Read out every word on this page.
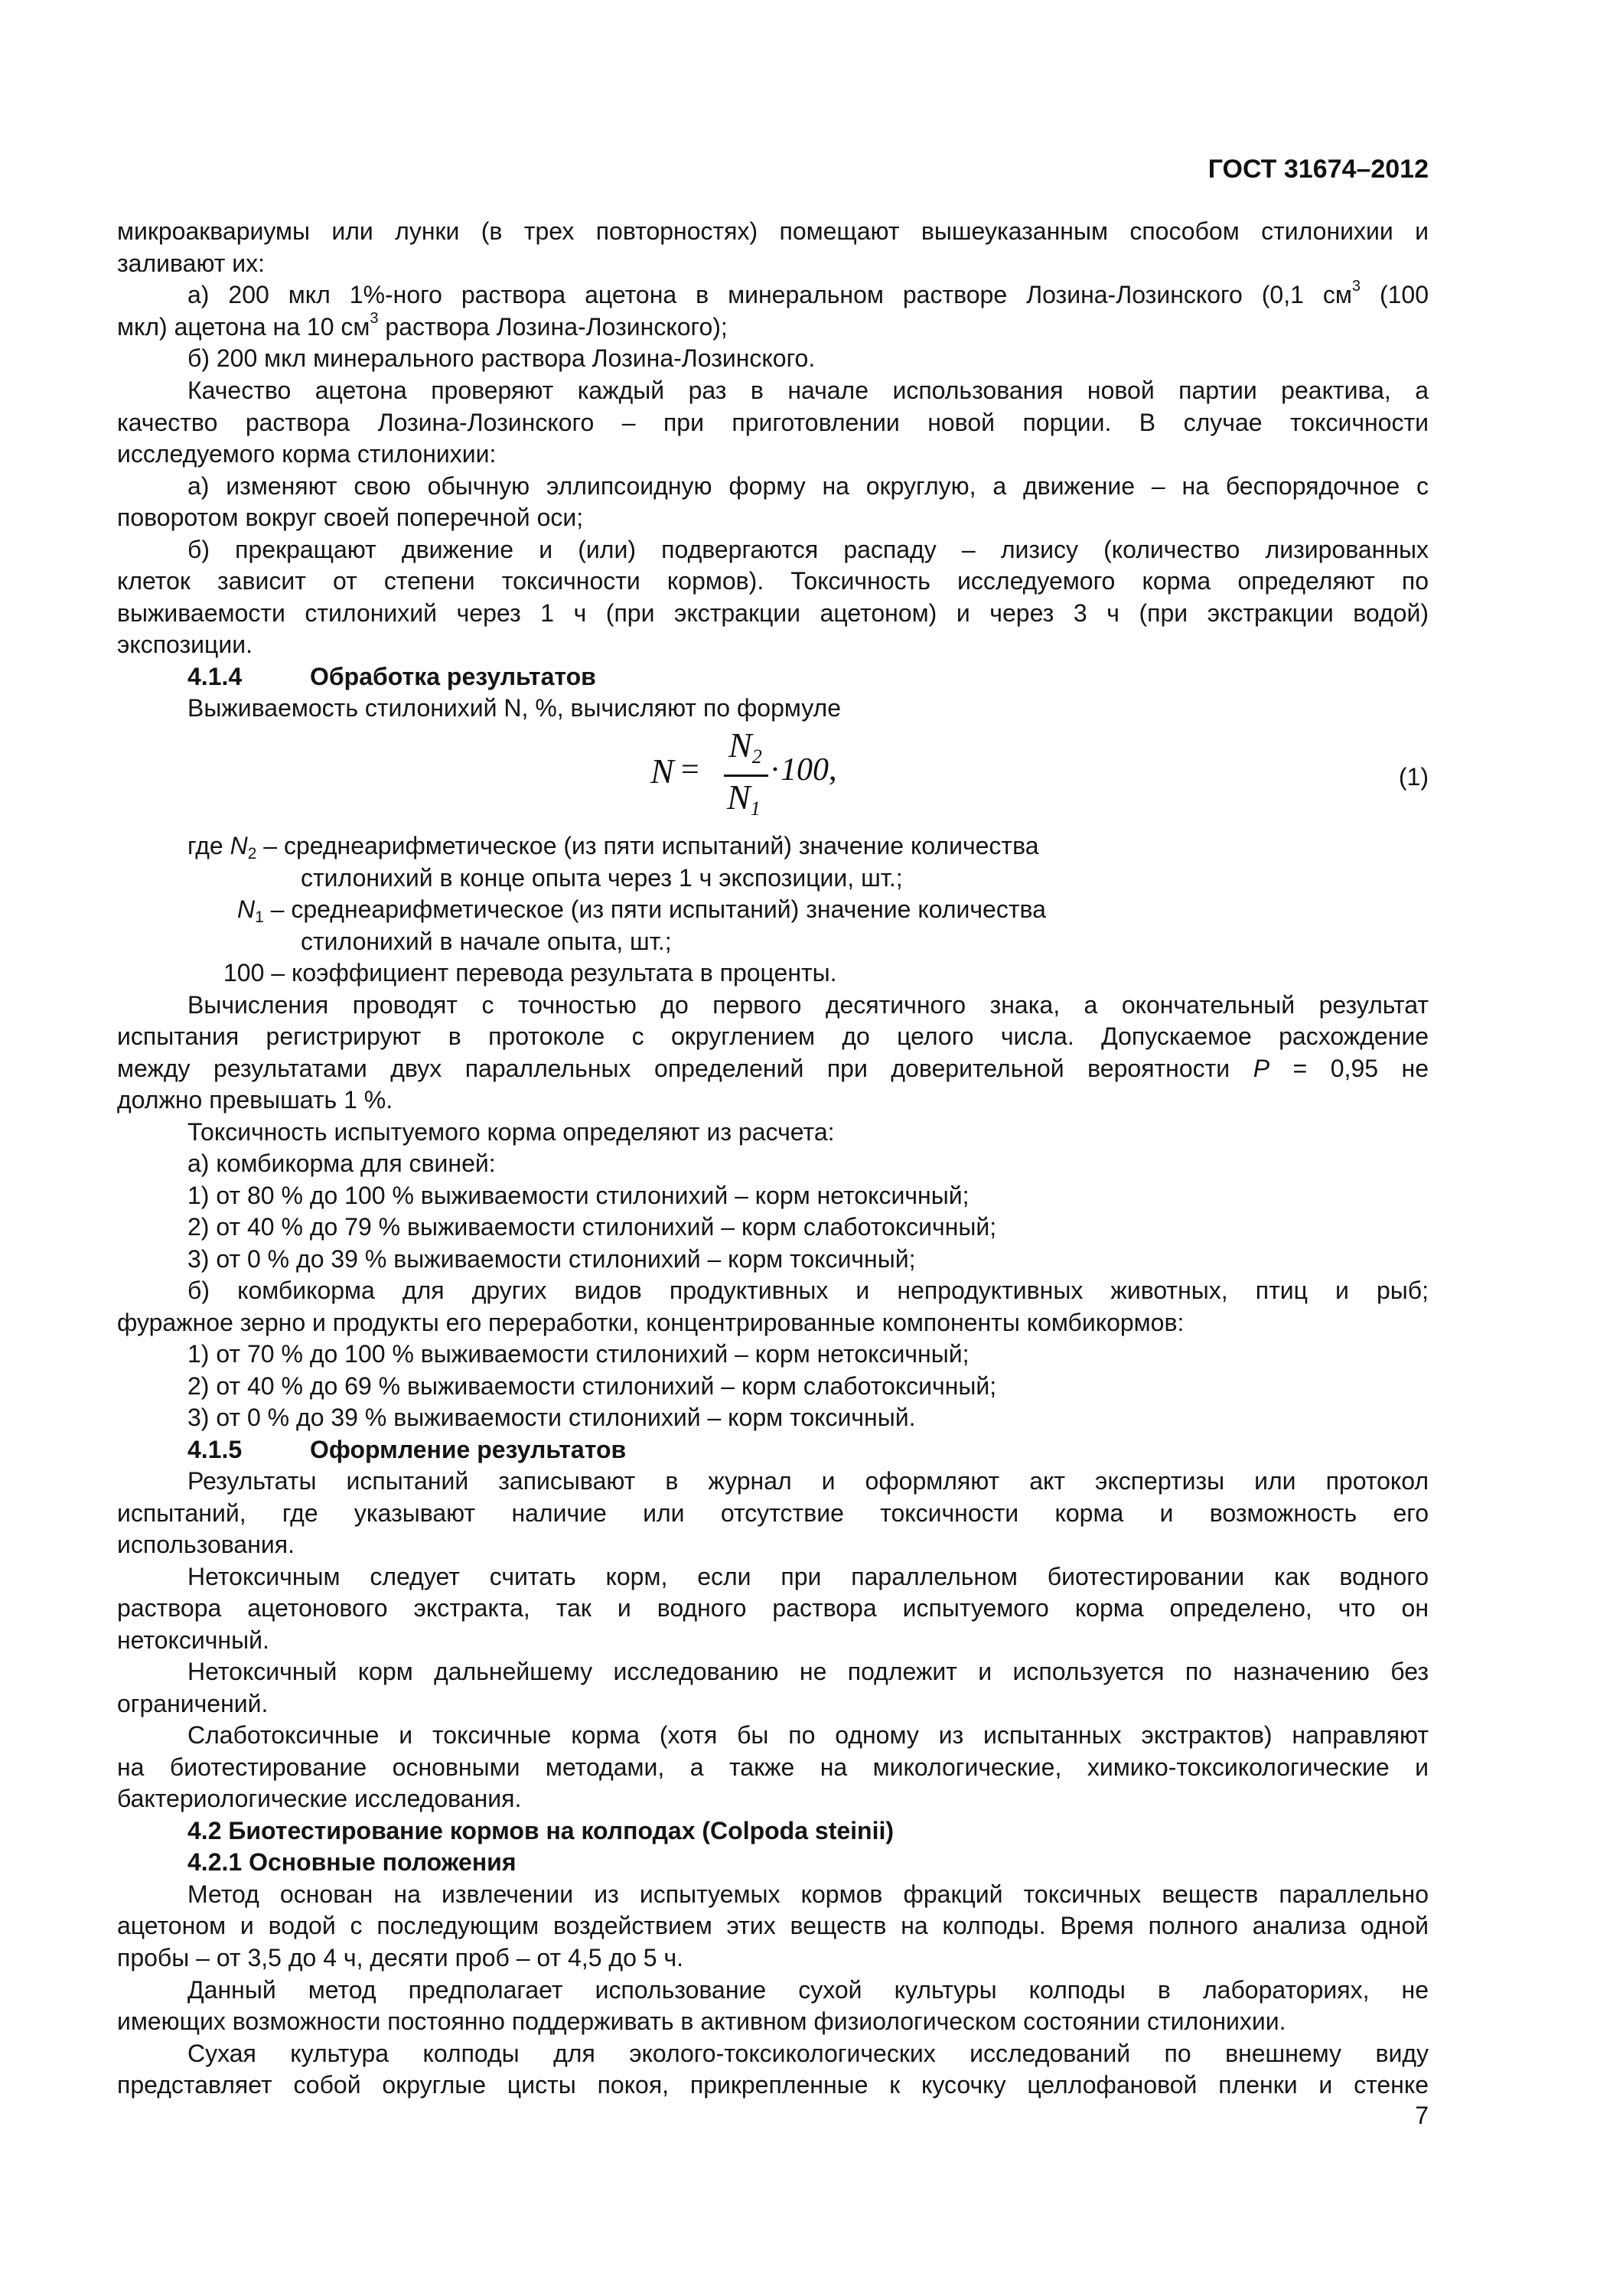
ГОСТ 31674–2012
микроаквариумы или лунки (в трех повторностях) помещают вышеуказанным способом стилонихии и
заливают их:
а) 200 мкл 1%-ного раствора ацетона в минеральном растворе Лозина-Лозинского (0,1 $см^3$ (100
мкл) ацетона на 10 $см^3$ раствора Лозина-Лозинского);
б) 200 мкл минерального раствора Лозина-Лозинского.
Качество ацетона проверяют каждый раз в начале использования новой партии реактива, а
качество раствора Лозина-Лозинского – при приготовлении новой порции. В случае токсичности
исследуемого корма стилонихии:
а) изменяют свою обычную эллипсоидную форму на округлую, а движение – на беспорядочное с
поворотом вокруг своей поперечной оси;
б) прекращают движение и (или) подвергаются распаду – лизису (количество лизированных
клеток зависит от степени токсичности кормов). Токсичность исследуемого корма определяют по
выживаемости стилонихий через 1 ч (при экстракции ацетоном) и через 3 ч (при экстракции водой)
экспозиции.
4.1.4	Обработка результатов
Выживаемость стилонихий N, %, вычисляют по формуле
N =
N2
N1
·100,	(1)
где $N_2$ – среднеарифметическое (из пяти испытаний) значение количества
стилонихий в конце опыта через 1 ч экспозиции, шт.;
$N_1$ – среднеарифметическое (из пяти испытаний) значение количества
стилонихий в начале опыта, шт.;
100 – коэффициент перевода результата в проценты.
Вычисления проводят с точностью до первого десятичного знака, а окончательный результат
испытания регистрируют в протоколе с округлением до целого числа. Допускаемое расхождение
между результатами двух параллельных определений при доверительной вероятности P = 0,95 не
должно превышать 1 %.
Токсичность испытуемого корма определяют из расчета:
а) комбикорма для свиней:
1) от 80 % до 100 % выживаемости стилонихий – корм нетоксичный;
2) от 40 % до 79 % выживаемости стилонихий – корм слаботоксичный;
3) от 0 % до 39 % выживаемости стилонихий – корм токсичный;
б) комбикорма для других видов продуктивных и непродуктивных животных, птиц и рыб;
фуражное зерно и продукты его переработки, концентрированные компоненты комбикормов:
1) от 70 % до 100 % выживаемости стилонихий – корм нетоксичный;
2) от 40 % до 69 % выживаемости стилонихий – корм слаботоксичный;
3) от 0 % до 39 % выживаемости стилонихий – корм токсичный.
4.1.5	Оформление результатов
Результаты испытаний записывают в журнал и оформляют акт экспертизы или протокол
испытаний, где указывают наличие или отсутствие токсичности корма и возможность его
использования.
Нетоксичным следует считать корм, если при параллельном биотестировании как водного
раствора ацетонового экстракта, так и водного раствора испытуемого корма определено, что он
нетоксичный.
Нетоксичный корм дальнейшему исследованию не подлежит и используется по назначению без
ограничений.
Слаботоксичные и токсичные корма (хотя бы по одному из испытанных экстрактов) направляют
на биотестирование основными методами, а также на микологические, химико-токсикологические и
бактериологические исследования.
4.2 Биотестирование кормов на колподах (Colpoda steinii)
4.2.1 Основные положения
Метод основан на извлечении из испытуемых кормов фракций токсичных веществ параллельно
ацетоном и водой с последующим воздействием этих веществ на колподы. Время полного анализа одной
пробы – от 3,5 до 4 ч, десяти проб – от 4,5 до 5 ч.
Данный метод предполагает использование сухой культуры колподы в лабораториях, не
имеющих возможности постоянно поддерживать в активном физиологическом состоянии стилонихии.
Сухая культура колподы для эколого-токсикологических исследований по внешнему виду
представляет собой округлые цисты покоя, прикрепленные к кусочку целлофановой пленки и стенке
7
